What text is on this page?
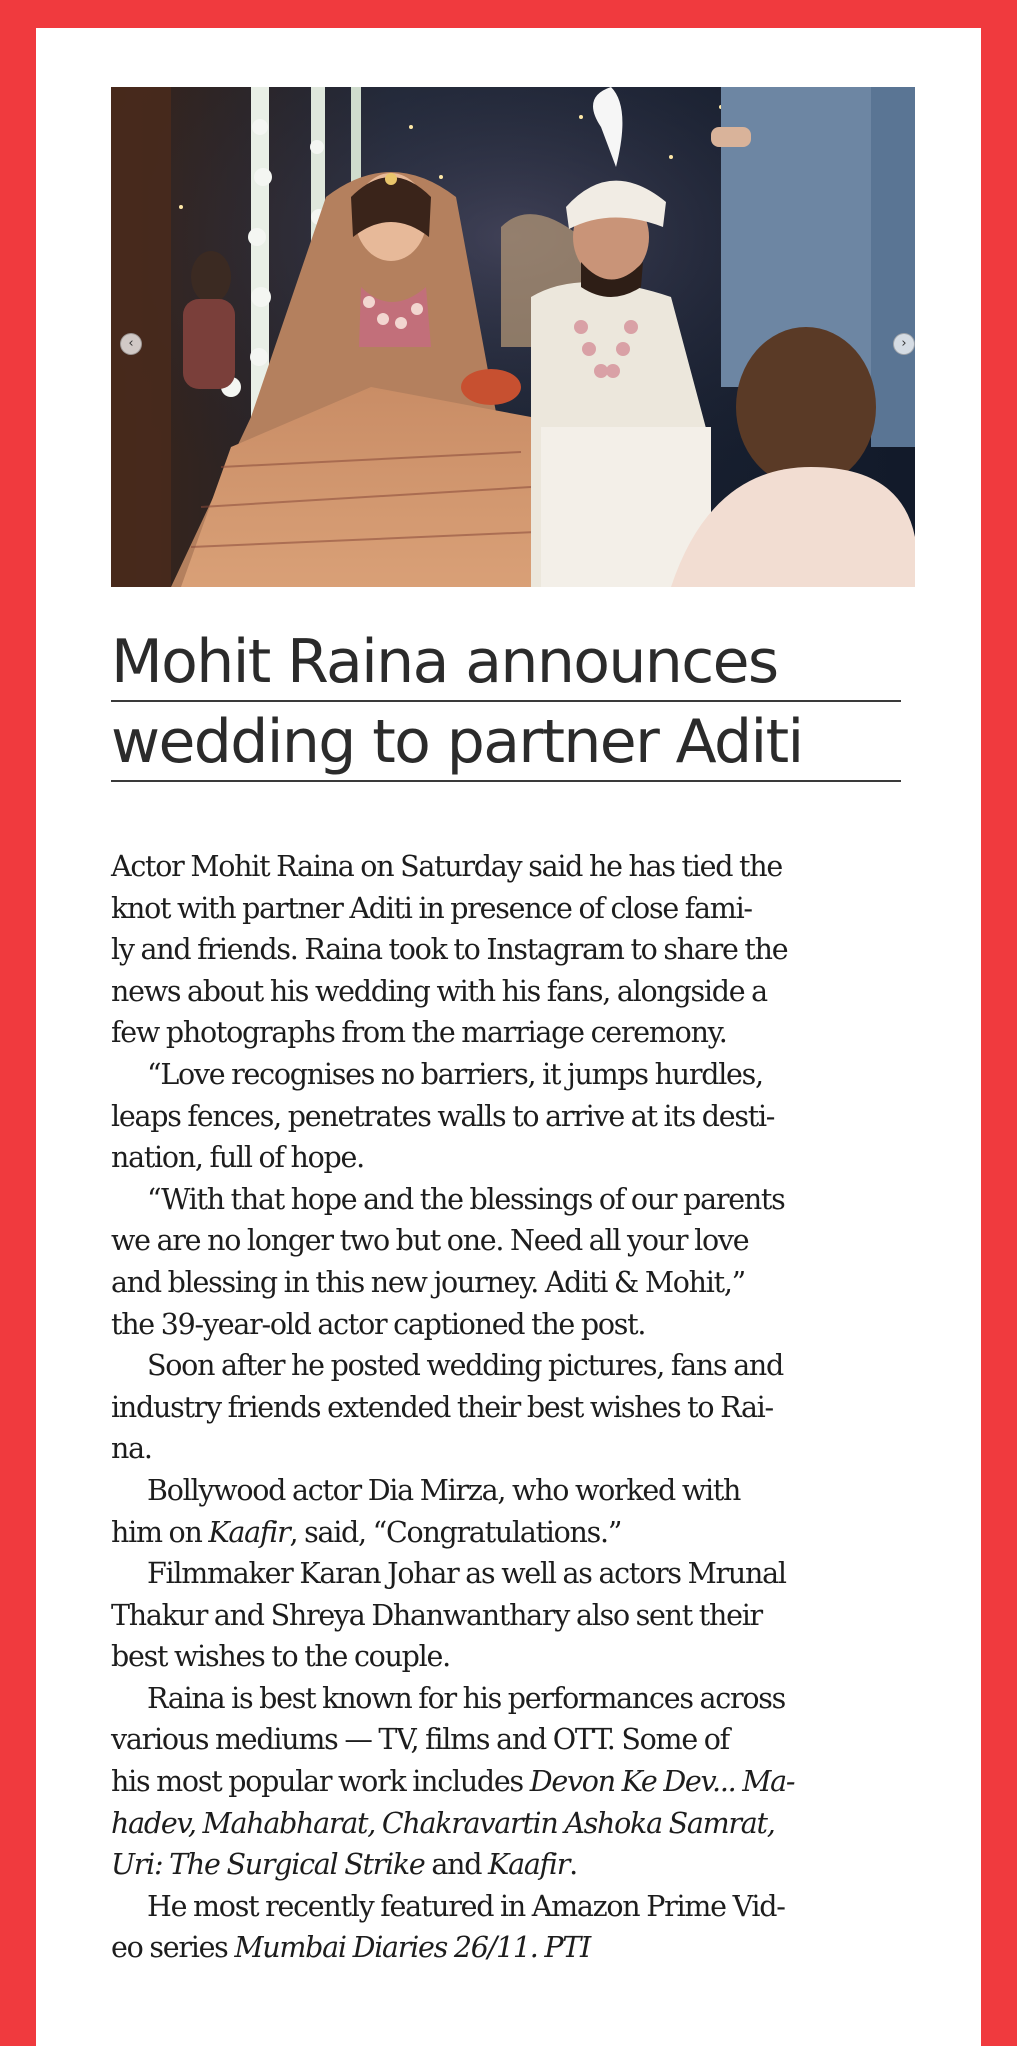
‹	›
Mohit Raina announces
wedding to partner Aditi
Actor Mohit Raina on Saturday said he has tied the
knot with partner Aditi in presence of close fami-
ly and friends. Raina took to Instagram to share the
news about his wedding with his fans, alongside a
few photographs from the marriage ceremony.
“Love recognises no barriers, it jumps hurdles,
leaps fences, penetrates walls to arrive at its desti-
nation, full of hope.
“With that hope and the blessings of our parents
we are no longer two but one. Need all your love
and blessing in this new journey. Aditi & Mohit,”
the 39-year-old actor captioned the post.
Soon after he posted wedding pictures, fans and
industry friends extended their best wishes to Rai-
na.
Bollywood actor Dia Mirza, who worked with
him on Kaafir, said, “Congratulations.”
Filmmaker Karan Johar as well as actors Mrunal
Thakur and Shreya Dhanwanthary also sent their
best wishes to the couple.
Raina is best known for his performances across
various mediums — TV, films and OTT. Some of
his most popular work includes Devon Ke Dev... Ma-
hadev, Mahabharat, Chakravartin Ashoka Samrat,
Uri: The Surgical Strike and Kaafir.
He most recently featured in Amazon Prime Vid-
eo series Mumbai Diaries 26/11. PTI
